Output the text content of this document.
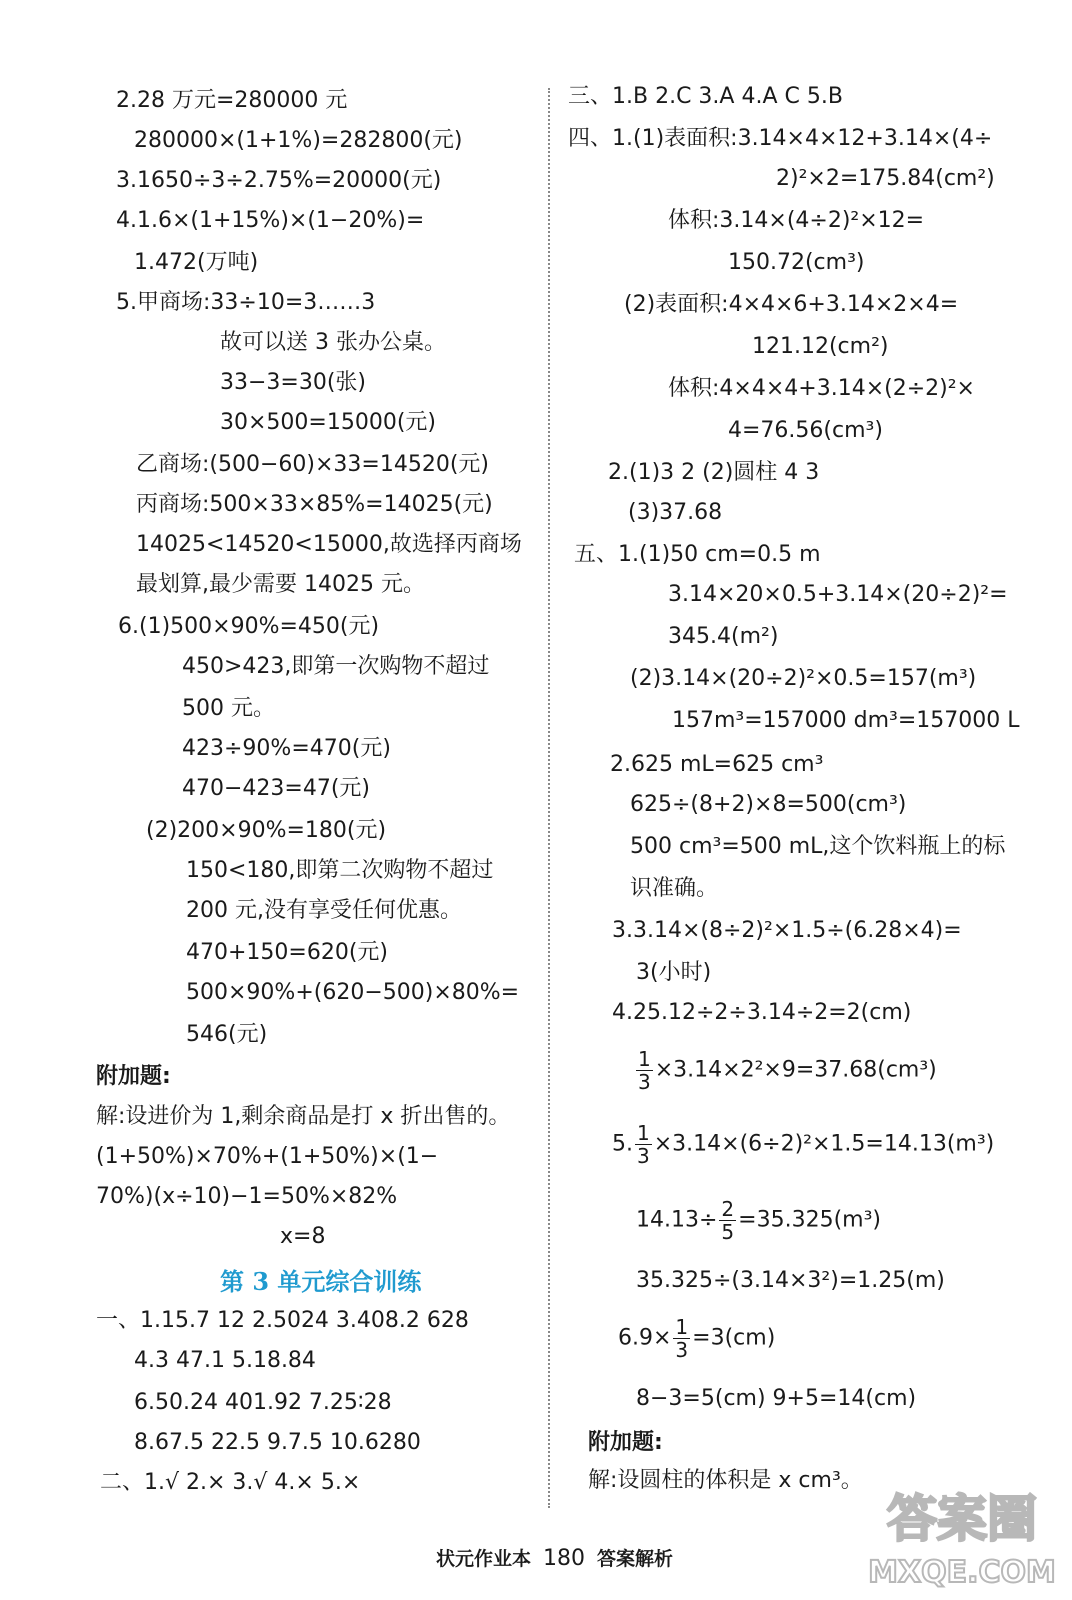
2.28 万元=280000 元
280000×(1+1%)=282800(元)
3.1650÷3÷2.75%=20000(元)
4.1.6×(1+15%)×(1−20%)=
1.472(万吨)
5.甲商场:33÷10=3……3
故可以送 3 张办公桌。
33−3=30(张)
30×500=15000(元)
乙商场:(500−60)×33=14520(元)
丙商场:500×33×85%=14025(元)
14025<14520<15000,故选择丙商场
最划算,最少需要 14025 元。
6.(1)500×90%=450(元)
450>423,即第一次购物不超过
500 元。
423÷90%=470(元)
470−423=47(元)
(2)200×90%=180(元)
150<180,即第二次购物不超过
200 元,没有享受任何优惠。
470+150=620(元)
500×90%+(620−500)×80%=
546(元)
附加题:
解:设进价为 1,剩余商品是打 x 折出售的。
(1+50%)×70%+(1+50%)×(1−
70%)(x÷10)−1=50%×82%
x=8
第 3 单元综合训练
一、1.15.7 12 2.5024 3.408.2 628
4.3 47.1 5.18.84
6.50.24 401.92 7.25∶28
8.67.5 22.5 9.7.5 10.6280
二、1.√ 2.× 3.√ 4.× 5.×
三、1.B 2.C 3.A 4.A C 5.B
四、1.(1)表面积:3.14×4×12+3.14×(4÷
2)²×2=175.84(cm²)
体积:3.14×(4÷2)²×12=
150.72(cm³)
(2)表面积:4×4×6+3.14×2×4=
121.12(cm²)
体积:4×4×4+3.14×(2÷2)²×
4=76.56(cm³)
2.(1)3 2 (2)圆柱 4 3
(3)37.68
五、1.(1)50 cm=0.5 m
3.14×20×0.5+3.14×(20÷2)²=
345.4(m²)
(2)3.14×(20÷2)²×0.5=157(m³)
157m³=157000 dm³=157000 L
2.625 mL=625 cm³
625÷(8+2)×8=500(cm³)
500 cm³=500 mL,这个饮料瓶上的标
识准确。
3.3.14×(8÷2)²×1.5÷(6.28×4)=
3(小时)
4.25.12÷2÷3.14÷2=2(cm)
$\frac{1}{3} \times 3.14\times 2^2\times 9=37.68(cm^3)$
5. $\frac{1}{3} \times 3.14\times(6\div 2)^2\times 1.5=14.13(m^3)$
$14.13\div \frac{2}{5} =35.325(m^3)$
35.325÷(3.14×3²)=1.25(m)
$6.9\times \frac{1}{3} =3(cm)$
8−3=5(cm) 9+5=14(cm)
附加题:
解:设圆柱的体积是 x cm³。
状元作业本 180 答案解析
答案圈
MXQE.COM
